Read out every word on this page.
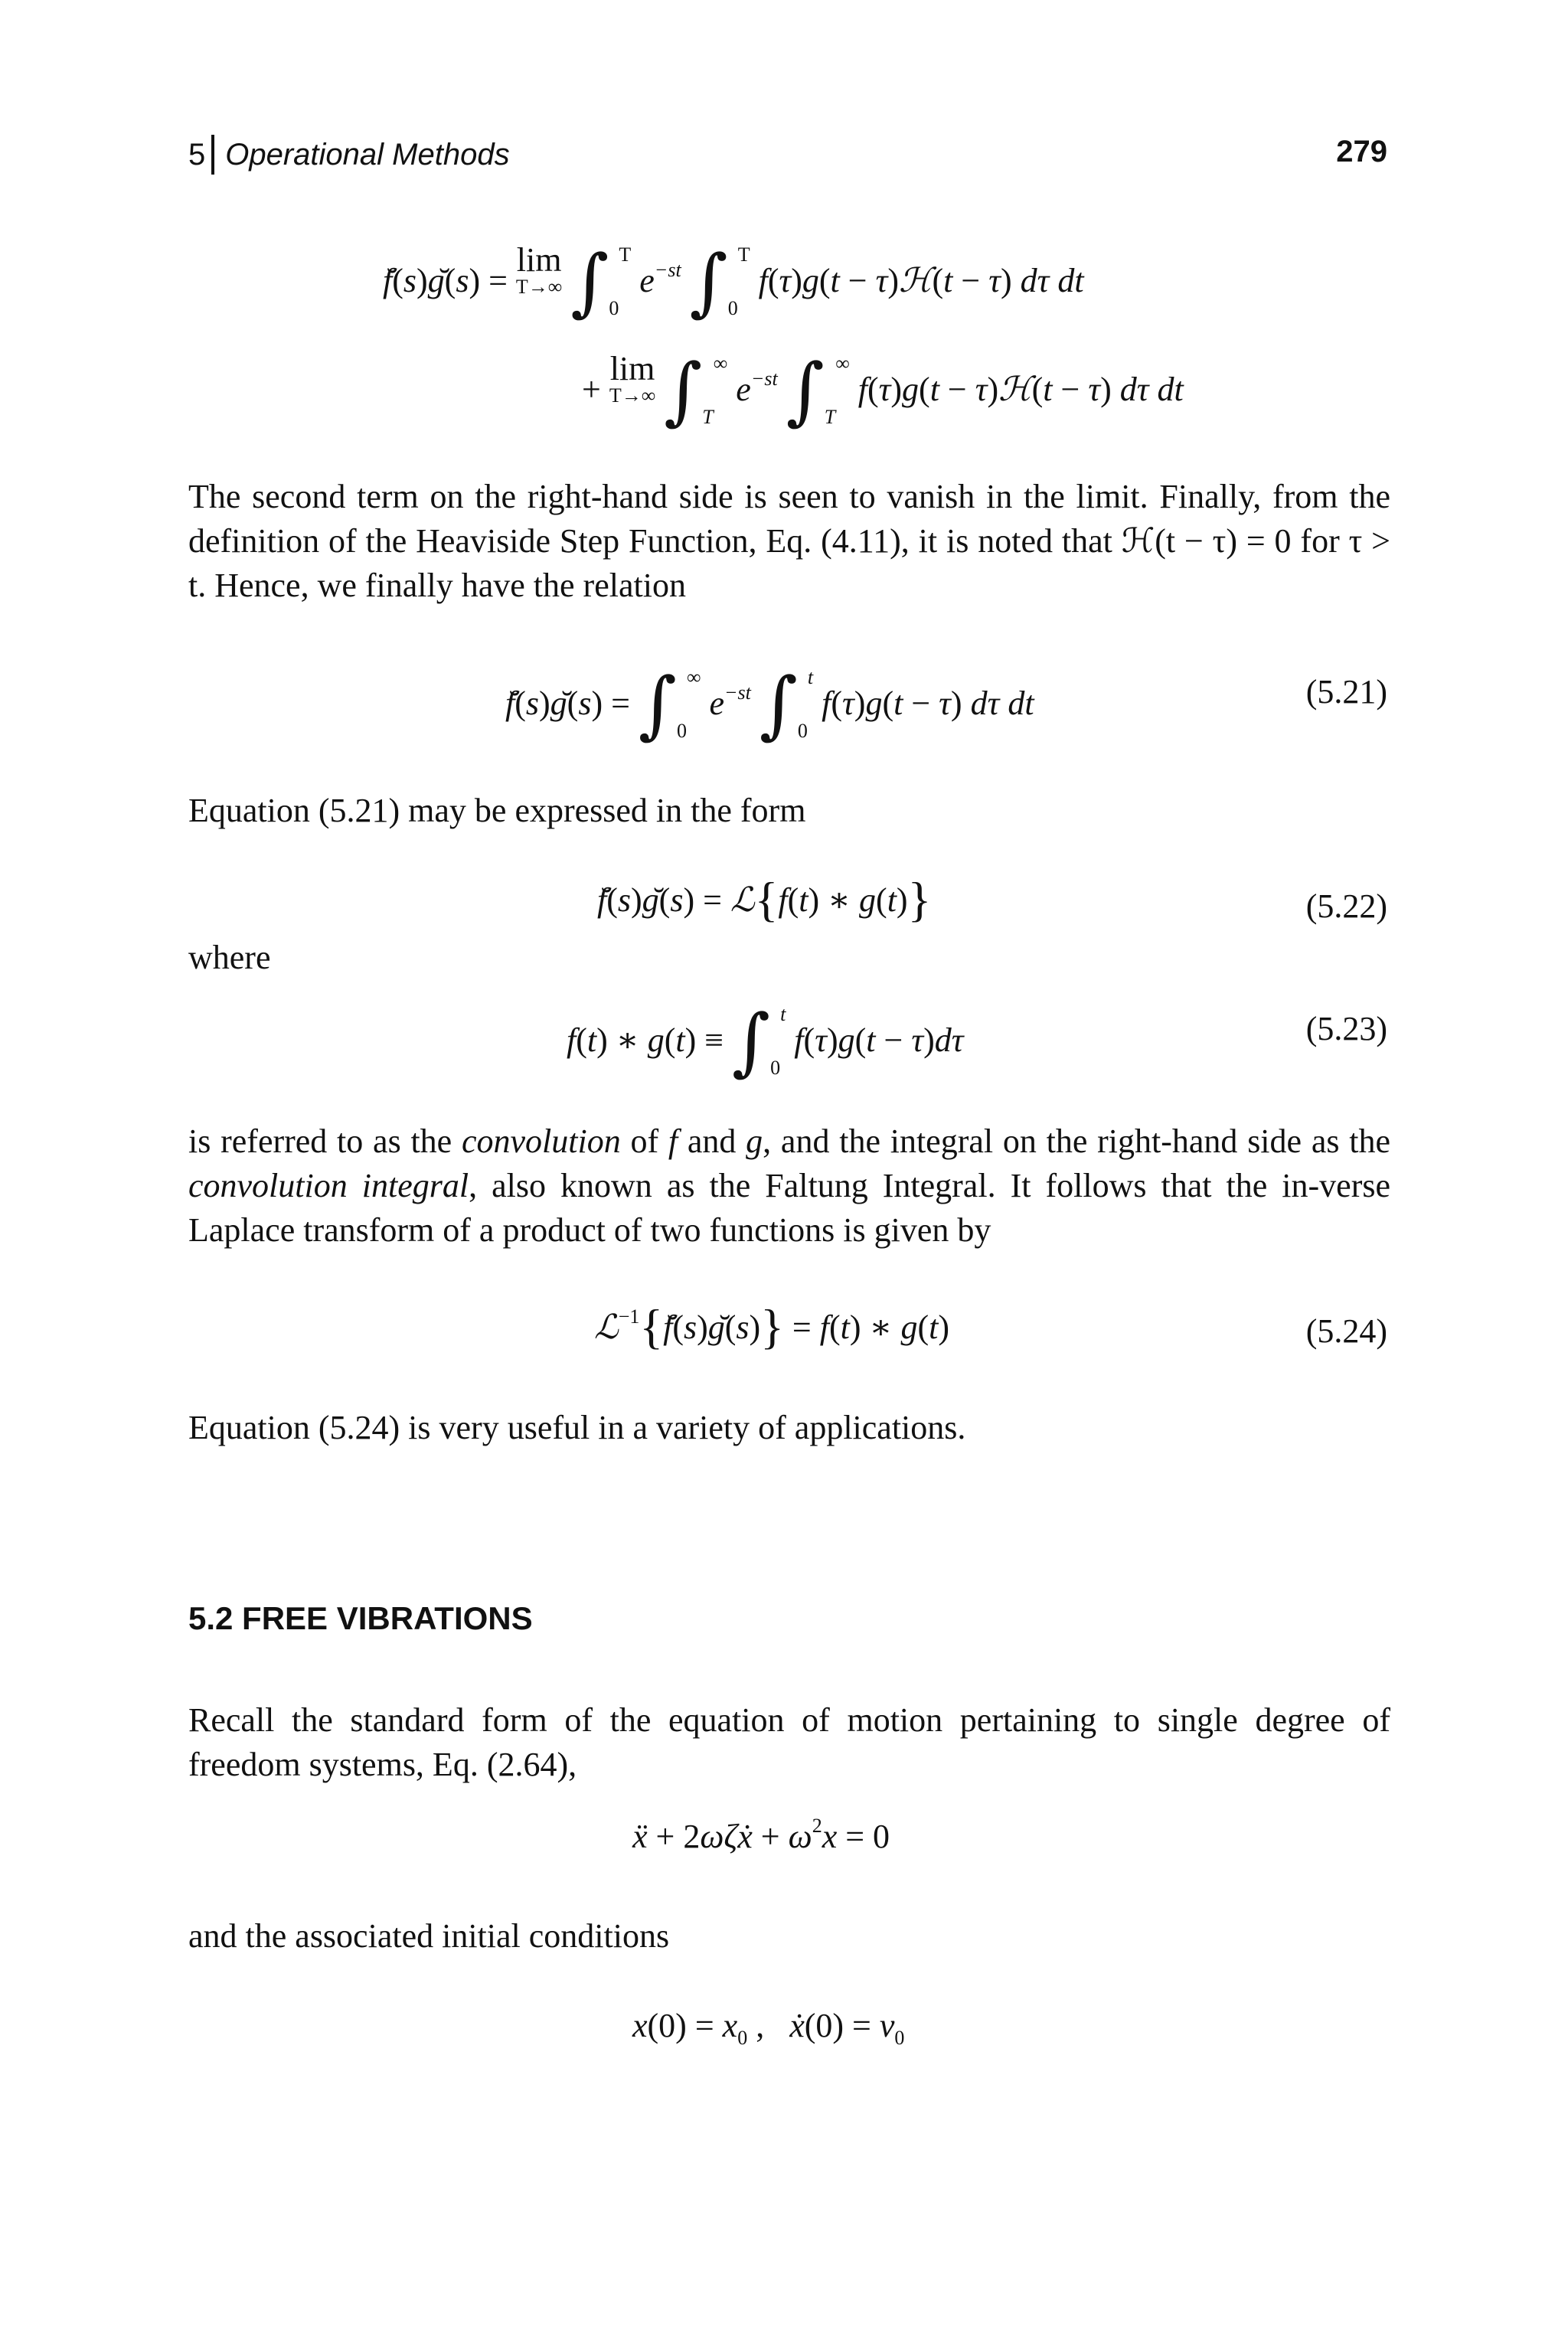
5 Operational Methods	279
f̆(s)ğ(s) = lim
T→∞ $\int_0^T$ $e^{-st}$ $\int_0^T$ f(τ)g(t − τ)ℋ(t − τ) dτ dt
+ lim
T→∞ $\int_T^\infty$ $e^{-st}$ $\int_T^\infty$ f(τ)g(t − τ)ℋ(t − τ) dτ dt
The second term on the right-hand side is seen to vanish in the limit. Finally, from the definition of the Heaviside Step Function, Eq. (4.11), it is noted that ℋ(t − τ) = 0 for τ > t. Hence, we finally have the relation
f̆(s)ğ(s) = $\int_0^\infty$ $e^{-st}$ $\int_0^t$ f(τ)g(t − τ) dτ dt	(5.21)
Equation (5.21) may be expressed in the form
f̆(s)ğ(s) = ℒ{f(t) ∗ g(t)}	(5.22)
where
f(t) ∗ $g(t) \equiv \int_0^t$ f(τ)g(t − τ)dτ	(5.23)
is referred to as the convolution of f and g, and the integral on the right-hand side as the convolution integral, also known as the Faltung Integral. It follows that the in-verse Laplace transform of a product of two functions is given by
ℒ$^{-1}${f̆(s)ğ(s)} = f(t) ∗ g(t)	(5.24)
Equation (5.24) is very useful in a variety of applications.
5.2 FREE VIBRATIONS
Recall the standard form of the equation of motion pertaining to single degree of freedom systems, Eq. (2.64),
ẍ + 2ωζẋ + $\omega^2x = 0$
and the associated initial conditions
$x(0) = x_0$ ,   ẋ(0) = $v_0$
